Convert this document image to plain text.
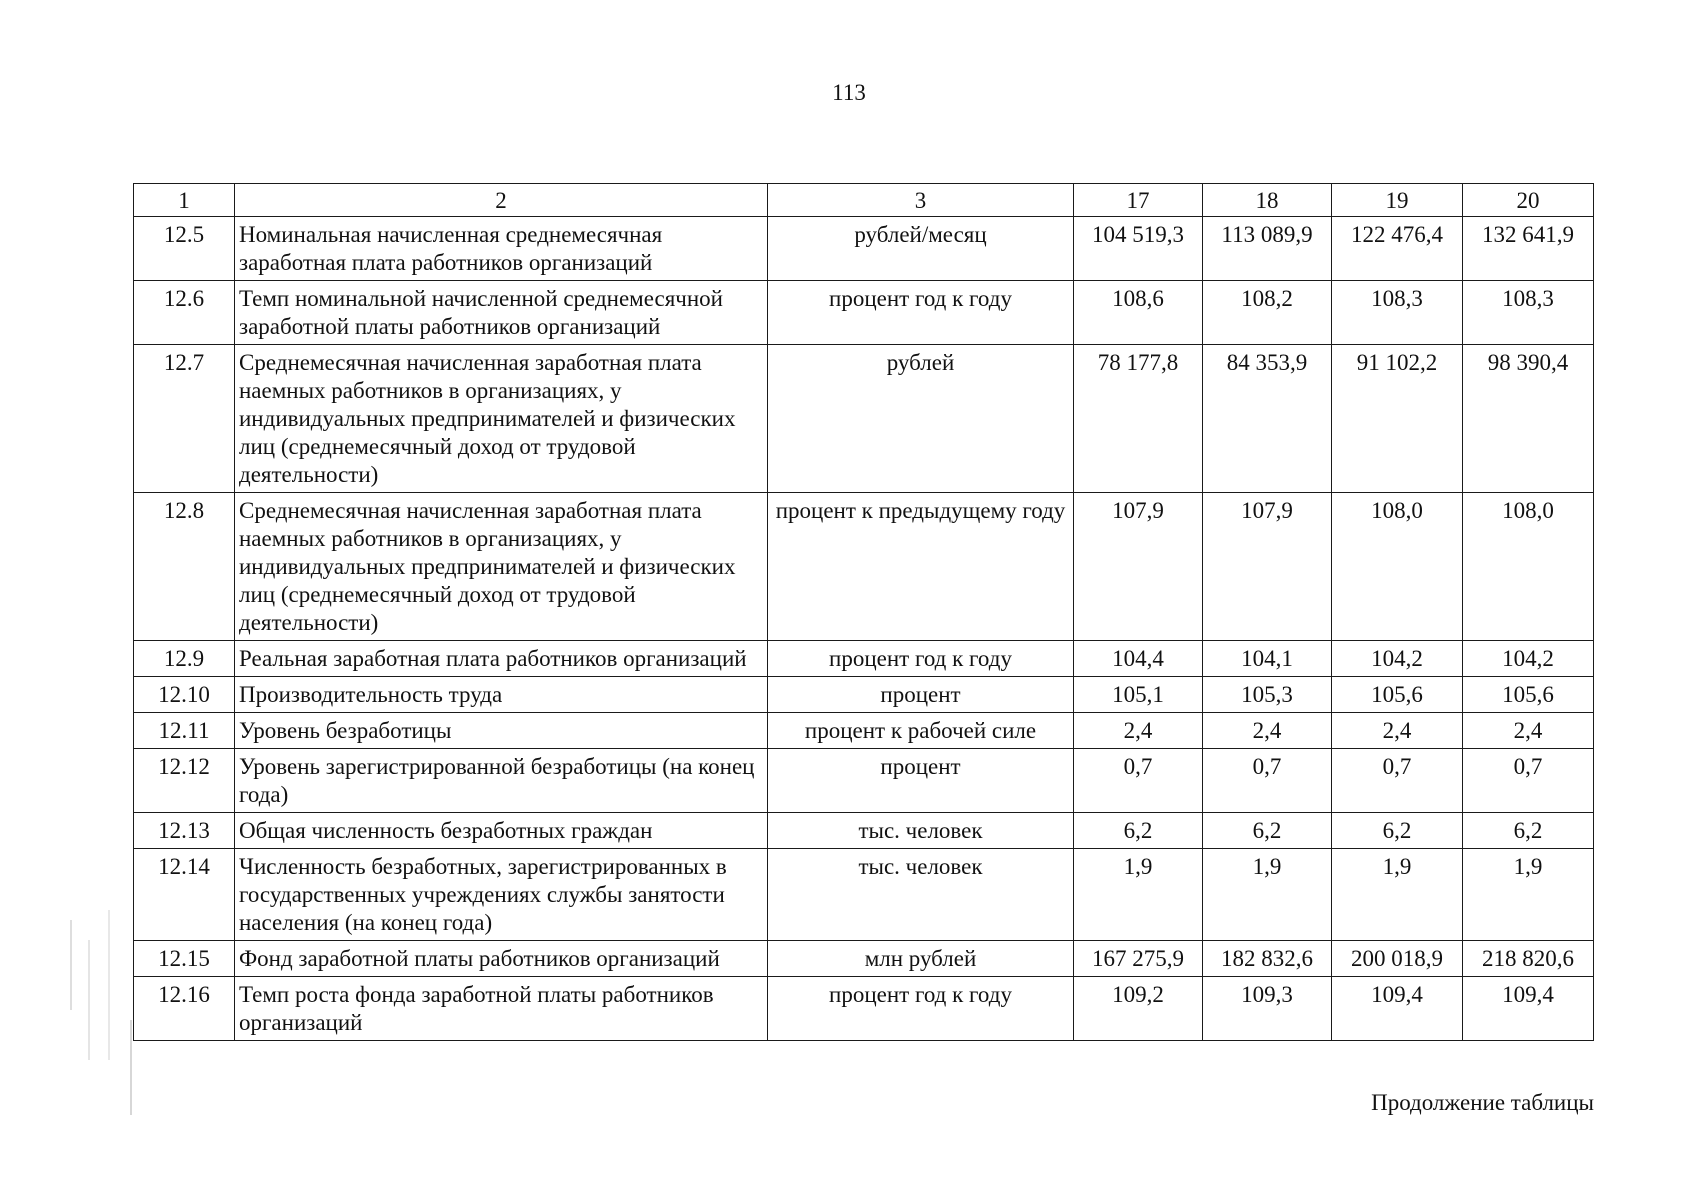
113
1	2	3	17	18	19	20
12.5	Номинальная начисленная среднемесячная заработная плата работников организаций	рублей/месяц	104 519,3	113 089,9	122 476,4	132 641,9
12.6	Темп номинальной начисленной среднемесячной заработной платы работников организаций	процент год к году	108,6	108,2	108,3	108,3
12.7	Среднемесячная начисленная заработная плата наемных работников в организациях, у индивидуальных предпринимателей и физических лиц (среднемесячный доход от трудовой деятельности)	рублей	78 177,8	84 353,9	91 102,2	98 390,4
12.8	Среднемесячная начисленная заработная плата наемных работников в организациях, у индивидуальных предпринимателей и физических лиц (среднемесячный доход от трудовой деятельности)	процент к предыдущему году	107,9	107,9	108,0	108,0
12.9	Реальная заработная плата работников организаций	процент год к году	104,4	104,1	104,2	104,2
12.10	Производительность труда	процент	105,1	105,3	105,6	105,6
12.11	Уровень безработицы	процент к рабочей силе	2,4	2,4	2,4	2,4
12.12	Уровень зарегистрированной безработицы (на конец года)	процент	0,7	0,7	0,7	0,7
12.13	Общая численность безработных граждан	тыс. человек	6,2	6,2	6,2	6,2
12.14	Численность безработных, зарегистрированных в государственных учреждениях службы занятости населения (на конец года)	тыс. человек	1,9	1,9	1,9	1,9
12.15	Фонд заработной платы работников организаций	млн рублей	167 275,9	182 832,6	200 018,9	218 820,6
12.16	Темп роста фонда заработной платы работников организаций	процент год к году	109,2	109,3	109,4	109,4
Продолжение таблицы
